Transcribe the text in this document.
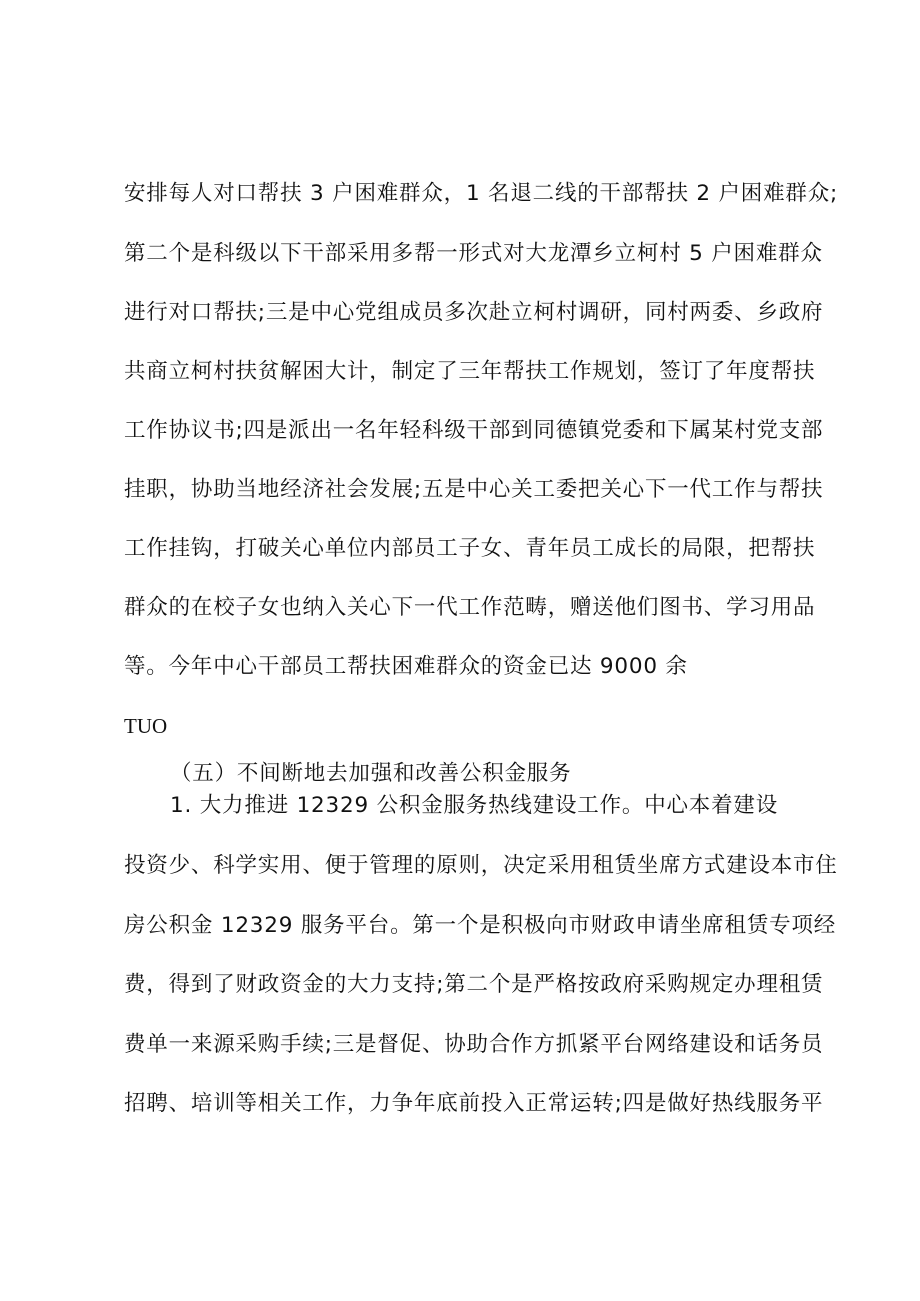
安排每人对口帮扶 3 户困难群众，1 名退二线的干部帮扶 2 户困难群众;
第二个是科级以下干部采用多帮一形式对大龙潭乡立柯村 5 户困难群众
进行对口帮扶;三是中心党组成员多次赴立柯村调研，同村两委、乡政府
共商立柯村扶贫解困大计，制定了三年帮扶工作规划，签订了年度帮扶
工作协议书;四是派出一名年轻科级干部到同德镇党委和下属某村党支部
挂职，协助当地经济社会发展;五是中心关工委把关心下一代工作与帮扶
工作挂钩，打破关心单位内部员工子女、青年员工成长的局限，把帮扶
群众的在校子女也纳入关心下一代工作范畴，赠送他们图书、学习用品
等。今年中心干部员工帮扶困难群众的资金已达 9000 余
TUO
（五）不间断地去加强和改善公积金服务
1. 大力推进 12329 公积金服务热线建设工作。中心本着建设
投资少、科学实用、便于管理的原则，决定采用租赁坐席方式建设本市住
房公积金 12329 服务平台。第一个是积极向市财政申请坐席租赁专项经
费，得到了财政资金的大力支持;第二个是严格按政府采购规定办理租赁
费单一来源采购手续;三是督促、协助合作方抓紧平台网络建设和话务员
招聘、培训等相关工作，力争年底前投入正常运转;四是做好热线服务平
